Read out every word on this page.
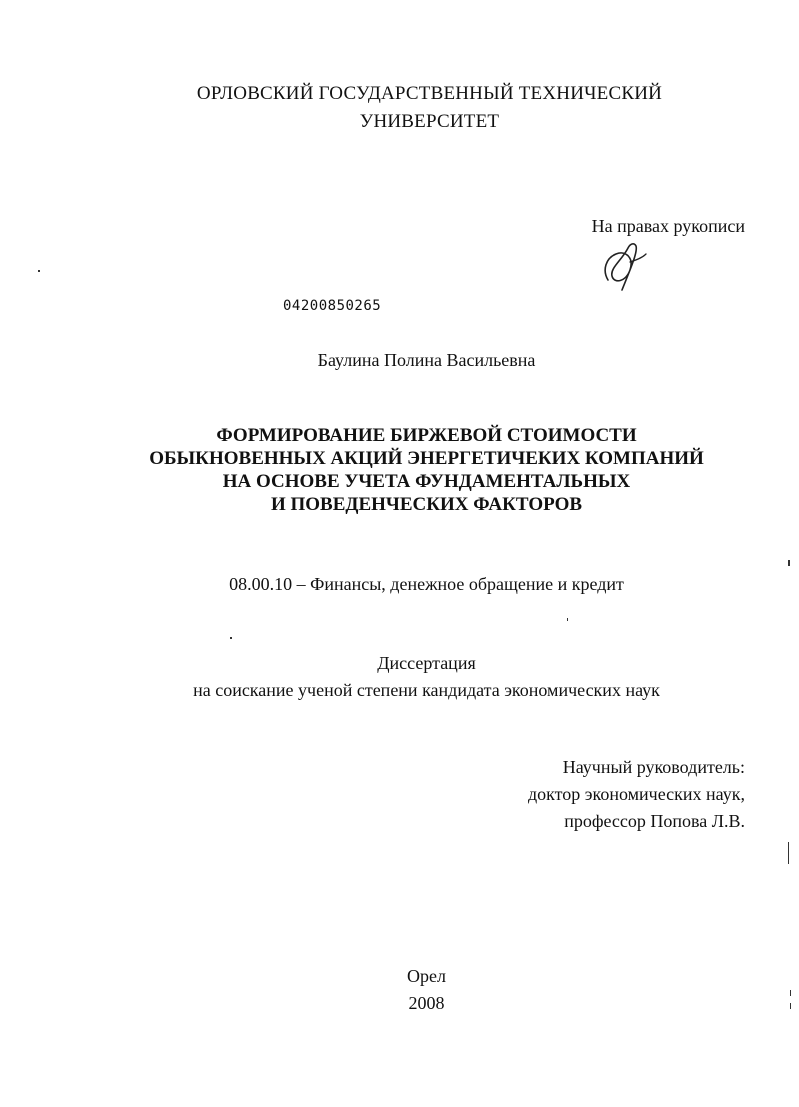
ОРЛОВСКИЙ ГОСУДАРСТВЕННЫЙ ТЕХНИЧЕСКИЙ
УНИВЕРСИТЕТ
На правах рукописи
04200850265
Баулина Полина Васильевна
ФОРМИРОВАНИЕ БИРЖЕВОЙ СТОИМОСТИ
ОБЫКНОВЕННЫХ АКЦИЙ ЭНЕРГЕТИЧЕКИХ КОМПАНИЙ
НА ОСНОВЕ УЧЕТА ФУНДАМЕНТАЛЬНЫХ
И ПОВЕДЕНЧЕСКИХ ФАКТОРОВ
08.00.10 – Финансы, денежное обращение и кредит
Диссертация
на соискание ученой степени кандидата экономических наук
Научный руководитель:
доктор экономических наук,
профессор Попова Л.В.
Орел
2008
